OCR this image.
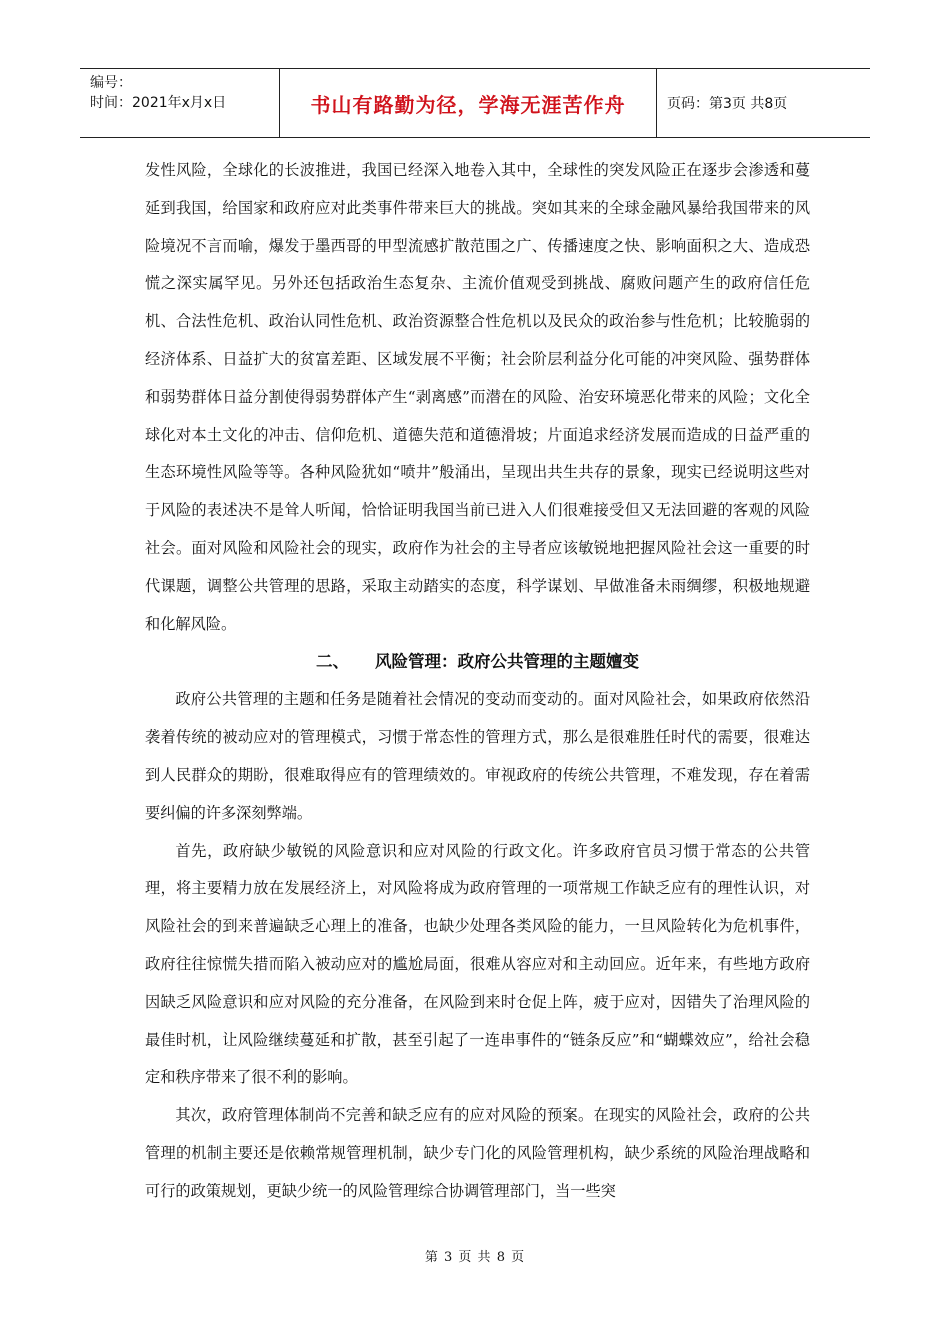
编号：
时间：2021年x月x日	书山有路勤为径，学海无涯苦作舟	页码：第3页 共8页

发性风险，全球化的长波推进，我国已经深入地卷入其中，全球性的突发风险正在逐步会渗透和蔓延到我国，给国家和政府应对此类事件带来巨大的挑战。突如其来的全球金融风暴给我国带来的风险境况不言而喻，爆发于墨西哥的甲型流感扩散范围之广、传播速度之快、影响面积之大、造成恐慌之深实属罕见。另外还包括政治生态复杂、主流价值观受到挑战、腐败问题产生的政府信任危机、合法性危机、政治认同性危机、政治资源整合性危机以及民众的政治参与性危机；比较脆弱的经济体系、日益扩大的贫富差距、区域发展不平衡；社会阶层利益分化可能的冲突风险、强势群体和弱势群体日益分割使得弱势群体产生“剥离感”而潜在的风险、治安环境恶化带来的风险；文化全球化对本土文化的冲击、信仰危机、道德失范和道德滑坡；片面追求经济发展而造成的日益严重的生态环境性风险等等。各种风险犹如“喷井”般涌出，呈现出共生共存的景象，现实已经说明这些对于风险的表述决不是耸人听闻，恰恰证明我国当前已进入人们很难接受但又无法回避的客观的风险社会。面对风险和风险社会的现实，政府作为社会的主导者应该敏锐地把握风险社会这一重要的时代课题，调整公共管理的思路，采取主动踏实的态度，科学谋划、早做准备未雨绸缪，积极地规避和化解风险。

二、 风险管理：政府公共管理的主题嬗变

政府公共管理的主题和任务是随着社会情况的变动而变动的。面对风险社会，如果政府依然沿袭着传统的被动应对的管理模式，习惯于常态性的管理方式，那么是很难胜任时代的需要，很难达到人民群众的期盼，很难取得应有的管理绩效的。审视政府的传统公共管理，不难发现，存在着需要纠偏的许多深刻弊端。

首先，政府缺少敏锐的风险意识和应对风险的行政文化。许多政府官员习惯于常态的公共管理，将主要精力放在发展经济上，对风险将成为政府管理的一项常规工作缺乏应有的理性认识，对风险社会的到来普遍缺乏心理上的准备，也缺少处理各类风险的能力，一旦风险转化为危机事件，政府往往惊慌失措而陷入被动应对的尴尬局面，很难从容应对和主动回应。近年来，有些地方政府因缺乏风险意识和应对风险的充分准备，在风险到来时仓促上阵，疲于应对，因错失了治理风险的最佳时机，让风险继续蔓延和扩散，甚至引起了一连串事件的“链条反应”和“蝴蝶效应”，给社会稳定和秩序带来了很不利的影响。

其次，政府管理体制尚不完善和缺乏应有的应对风险的预案。在现实的风险社会，政府的公共管理的机制主要还是依赖常规管理机制，缺少专门化的风险管理机构，缺少系统的风险治理战略和可行的政策规划，更缺少统一的风险管理综合协调管理部门，当一些突

第 3 页 共 8 页
